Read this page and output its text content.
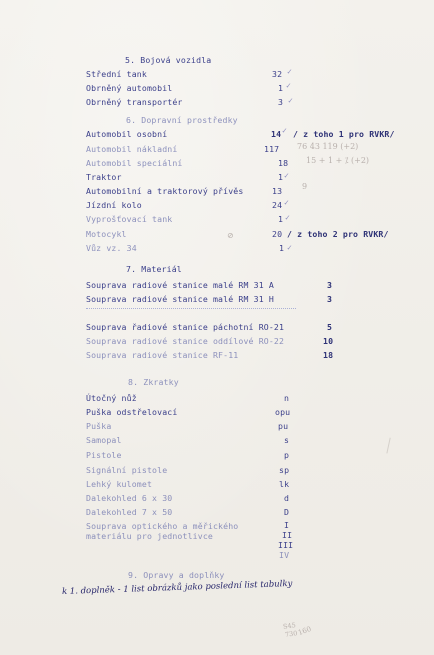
5. Bojová vozidla
Střední tank	32 ✓
Obrněný automobil	1 ✓
Obrněný transportér	3 ✓
6. Dopravní prostředky
Automobil osobní	14 ✓ / z toho 1 pro RVKR/
Automobil nákladní	117 76 43 119 (+2)
Automobil speciální	18 15 + 1 + ⁒ (+2)
Traktor	1 ✓
Automobilní a traktorový přívěs	13 9
Jízdní kolo	24 ✓
Vyprošťovací tank	1 ✓
Motocykl	⊘	20 / z toho 2 pro RVKR/
Vůz vz. 34	1 ✓
7. Materiál
Souprava radiové stanice malé RM 31 A	3
Souprava radiové stanice malé RM 31 H	3
Souprava řadiové stanice páchotní RO-21	5
Souprava radiové stanice oddílové RO-22	10
Souprava radiové stanice RF-11	18
8. Zkratky
Útočný nůž	n
Puška odstřelovací	opu
Puška	pu
Samopal	s
Pistole	p
Signální pistole	sp
Lehký kulomet	lk
Dalekohled 6 x 30	d
Dalekohled 7 x 50	D
Souprava optického a měřického	I
materiálu pro jednotlivce	II
III
IV
9. Opravy a doplňky
k 1. doplněk - 1 list obrázků jako poslední list tabulky
S45
730 160
